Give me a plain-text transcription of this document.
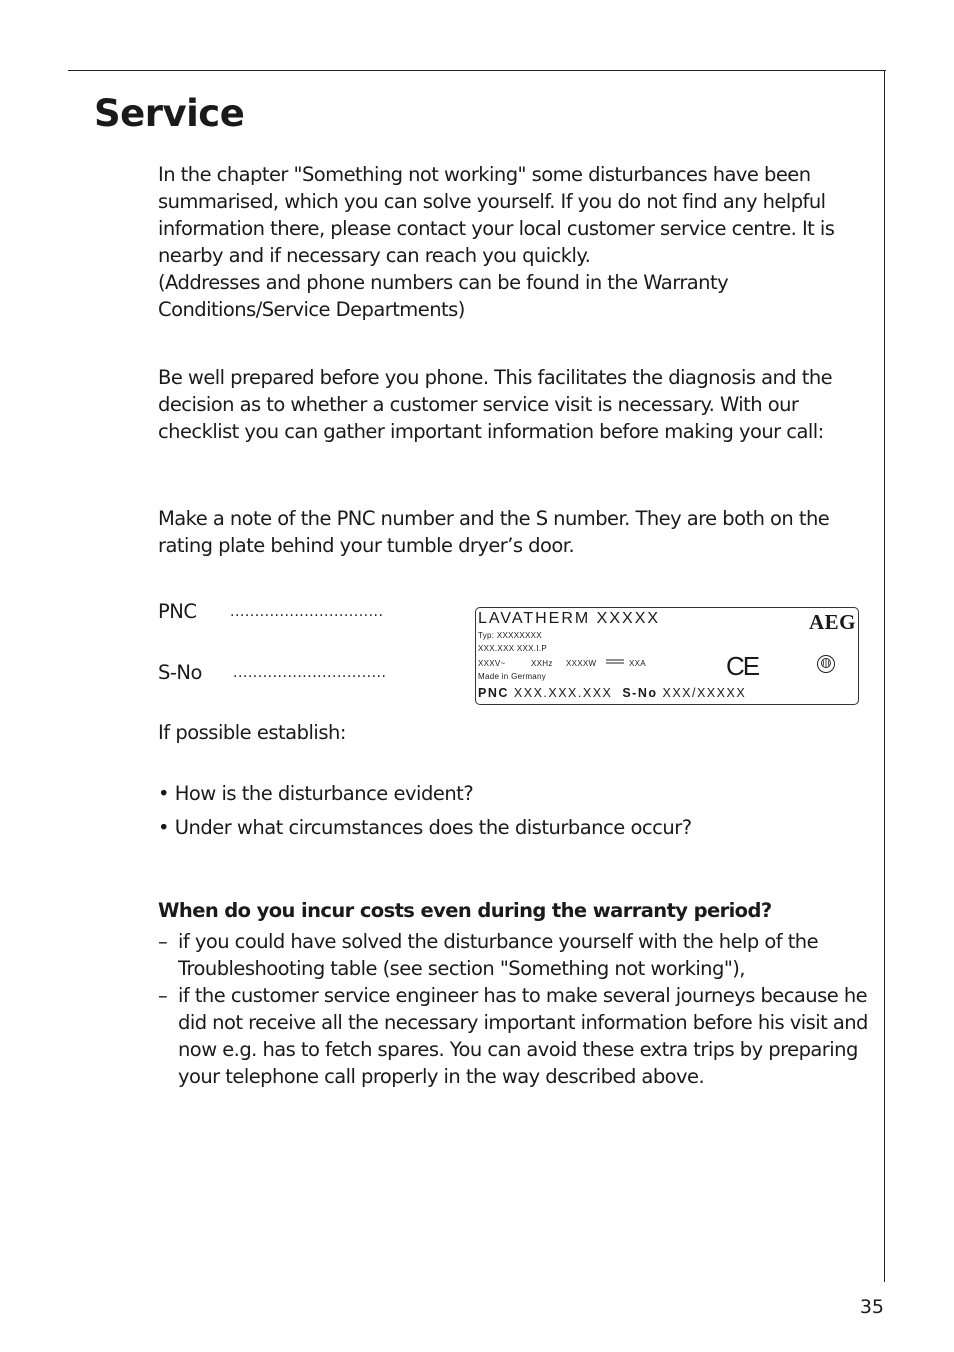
Service

In the chapter "Something not working" some disturbances have been summarised, which you can solve yourself. If you do not find any helpful information there, please contact your local customer service centre. It is nearby and if necessary can reach you quickly.
(Addresses and phone numbers can be found in the Warranty Conditions/Service Departments)

Be well prepared before you phone. This facilitates the diagnosis and the decision as to whether a customer service visit is necessary. With our checklist you can gather important information before making your call:

Make a note of the PNC number and the S number. They are both on the rating plate behind your tumble dryer’s door.

PNC ...............................
S-No ...............................
LAVATHERM XXXXX	AEG
Typ: XXXXXXXX
XXX.XXX XXX.I.P
XXXV~	XXHz XXXXW	XXA
Made in Germany
PNC XXX.XXX.XXX S-No XXX/XXXXX
CE
If possible establish:
• How is the disturbance evident?
• Under what circumstances does the disturbance occur?
When do you incur costs even during the warranty period?
– if you could have solved the disturbance yourself with the help of the Troubleshooting table (see section "Something not working"),
– if the customer service engineer has to make several journeys because he did not receive all the necessary important information before his visit and now e.g. has to fetch spares. You can avoid these extra trips by preparing your telephone call properly in the way described above.
35
